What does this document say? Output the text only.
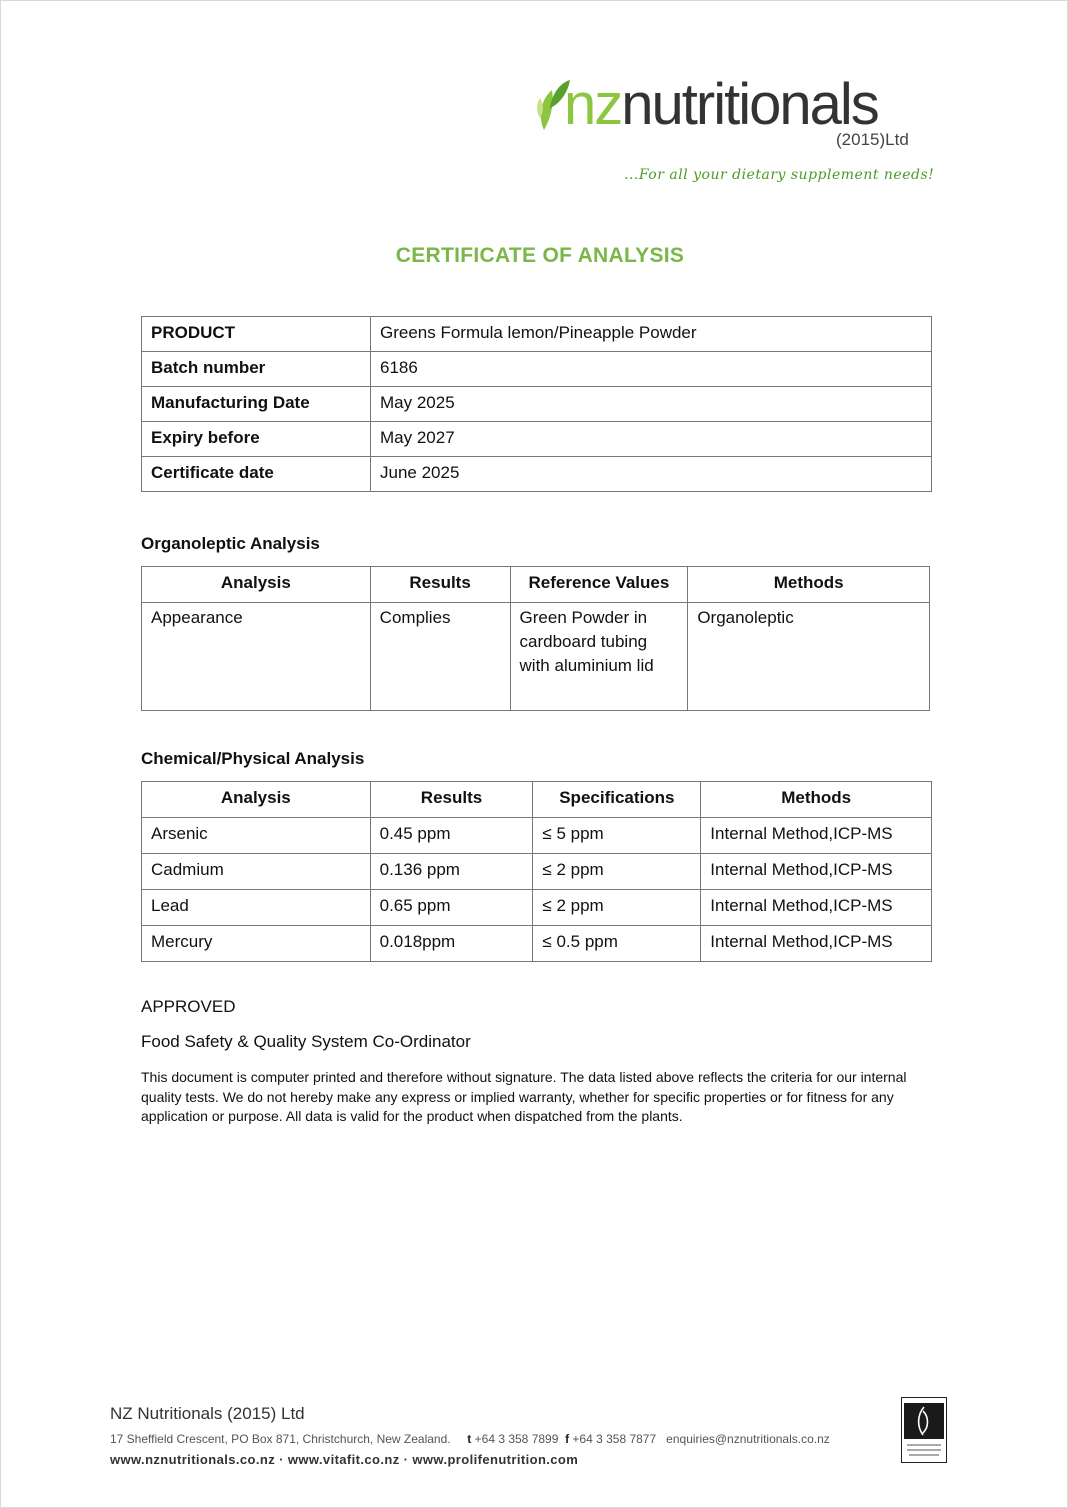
nznutritionals
(2015)Ltd
...For all your dietary supplement needs!
CERTIFICATE OF ANALYSIS
PRODUCT	Greens Formula lemon/Pineapple Powder
Batch number	6186
Manufacturing Date	May 2025
Expiry before	May 2027
Certificate date	June 2025
Organoleptic Analysis
Analysis	Results	Reference Values	Methods
Appearance	Complies	Green Powder in cardboard tubing with aluminium lid	Organoleptic
Chemical/Physical Analysis
Analysis	Results	Specifications	Methods
Arsenic	0.45 ppm	≤ 5 ppm	Internal Method,ICP-MS
Cadmium	0.136 ppm	≤ 2 ppm	Internal Method,ICP-MS
Lead	0.65 ppm	≤ 2 ppm	Internal Method,ICP-MS
Mercury	0.018ppm	≤ 0.5 ppm	Internal Method,ICP-MS
APPROVED
Food Safety & Quality System Co-Ordinator
This document is computer printed and therefore without signature. The data listed above reflects the criteria for our internal quality tests. We do not hereby make any express or implied warranty, whether for specific properties or for fitness for any application or purpose. All data is valid for the product when dispatched from the plants.
NZ Nutritionals (2015) Ltd
17 Sheffield Crescent, PO Box 871, Christchurch, New Zealand. t +64 3 358 7899 f +64 3 358 7877 enquiries@nznutritionals.co.nz
www.nznutritionals.co.nz · www.vitafit.co.nz · www.prolifenutrition.com
